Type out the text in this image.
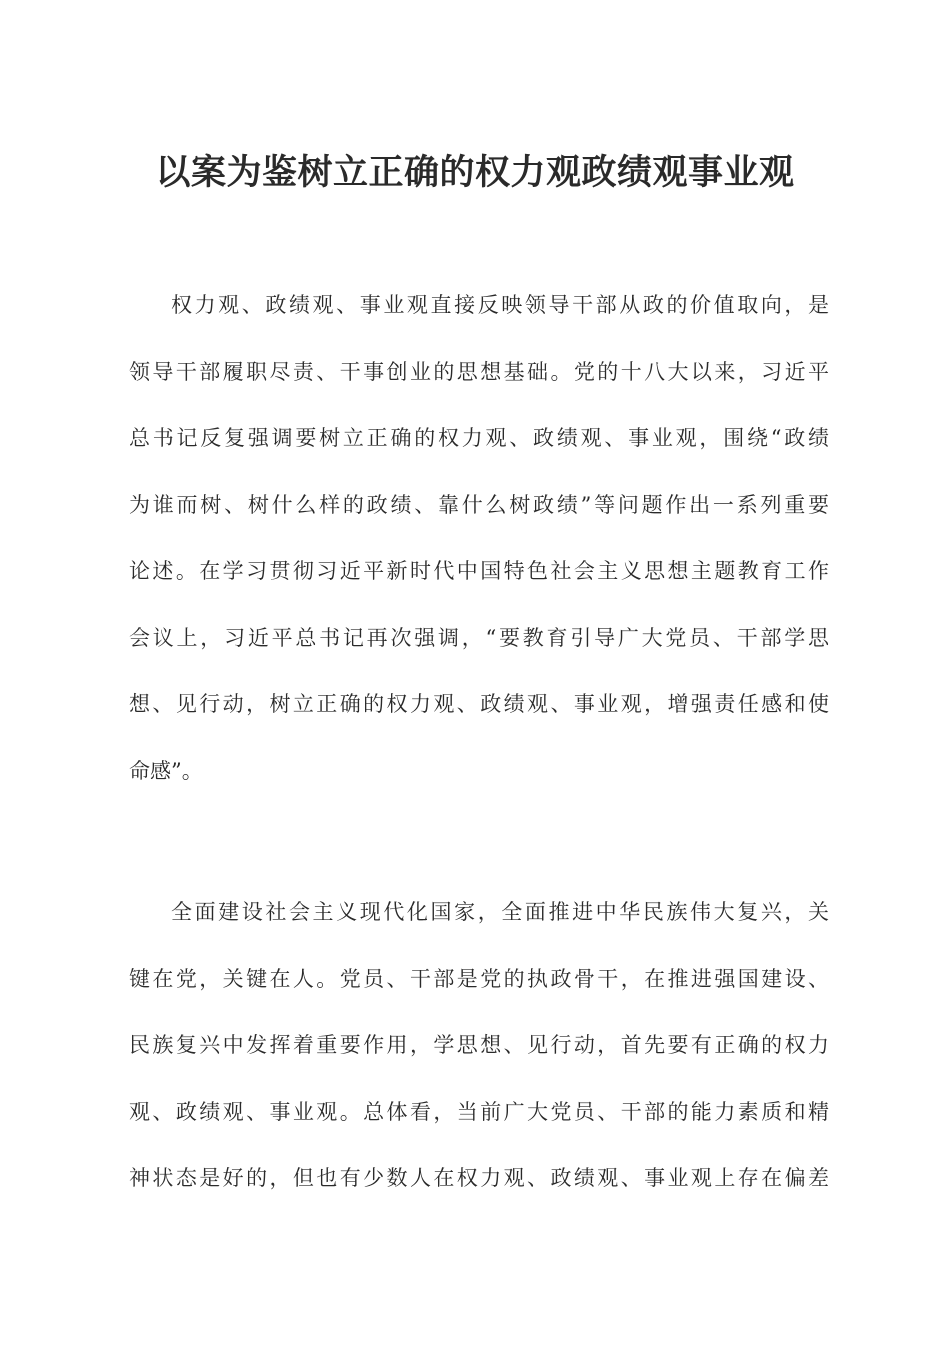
以案为鉴树立正确的权力观政绩观事业观
权力观、政绩观、事业观直接反映领导干部从政的价值取向，是
领导干部履职尽责、干事创业的思想基础。党的十八大以来，习近平
总书记反复强调要树立正确的权力观、政绩观、事业观，围绕“政绩
为谁而树、树什么样的政绩、靠什么树政绩”等问题作出一系列重要
论述。在学习贯彻习近平新时代中国特色社会主义思想主题教育工作
会议上，习近平总书记再次强调，“要教育引导广大党员、干部学思
想、见行动，树立正确的权力观、政绩观、事业观，增强责任感和使
命感”。
全面建设社会主义现代化国家，全面推进中华民族伟大复兴，关
键在党，关键在人。党员、干部是党的执政骨干，在推进强国建设、
民族复兴中发挥着重要作用，学思想、见行动，首先要有正确的权力
观、政绩观、事业观。总体看，当前广大党员、干部的能力素质和精
神状态是好的，但也有少数人在权力观、政绩观、事业观上存在偏差
